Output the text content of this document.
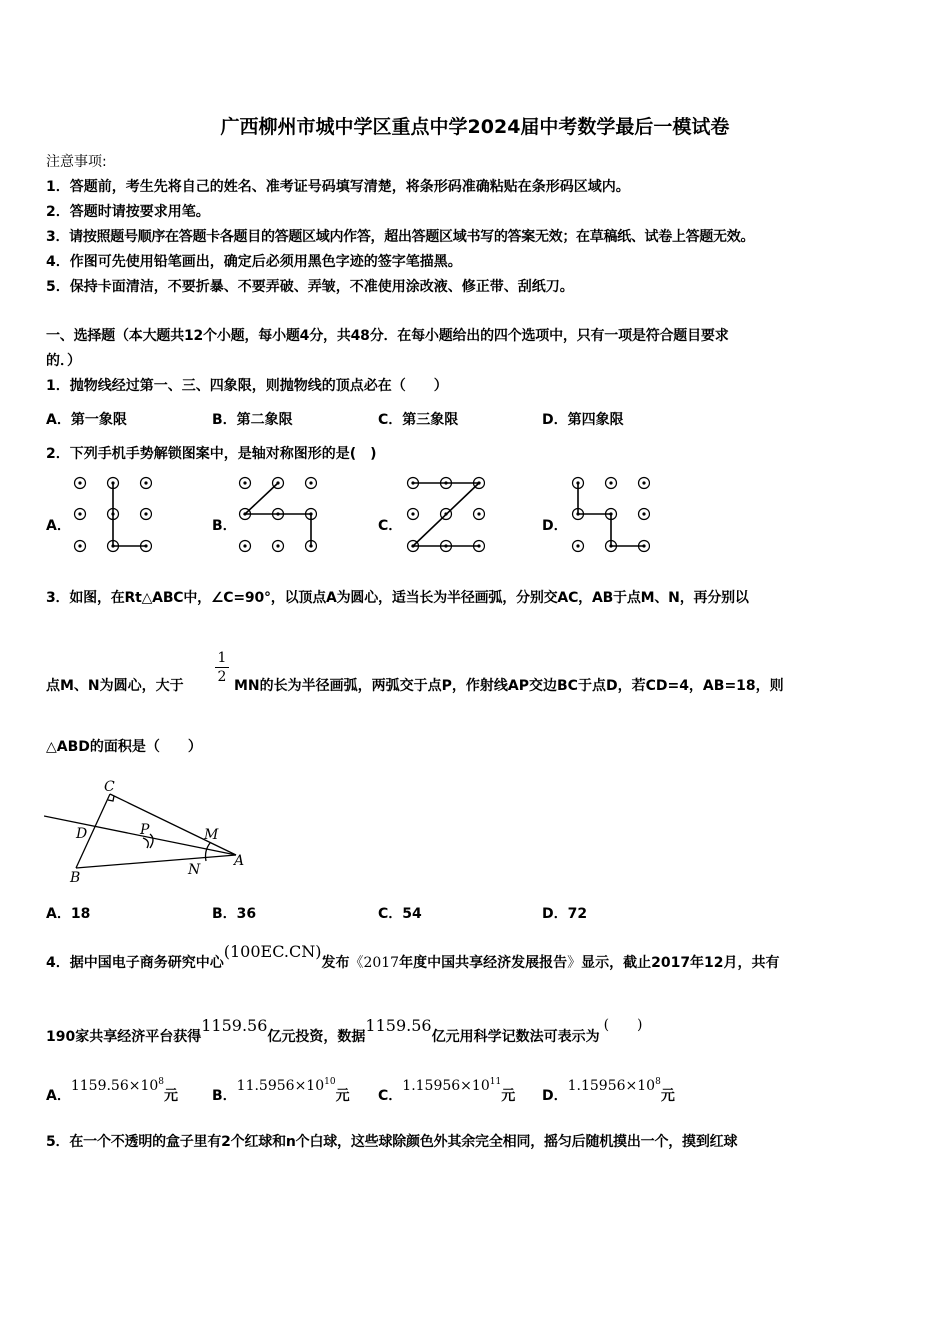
广西柳州市城中学区重点中学2024届中考数学最后一模试卷
注意事项:
1．答题前，考生先将自己的姓名、准考证号码填写清楚，将条形码准确粘贴在条形码区域内。
2．答题时请按要求用笔。
3．请按照题号顺序在答题卡各题目的答题区域内作答，超出答题区域书写的答案无效；在草稿纸、试卷上答题无效。
4．作图可先使用铅笔画出，确定后必须用黑色字迹的签字笔描黑。
5．保持卡面清洁，不要折暴、不要弄破、弄皱，不准使用涂改液、修正带、刮纸刀。
一、选择题（本大题共12个小题，每小题4分，共48分．在每小题给出的四个选项中，只有一项是符合题目要求
的．）
1．抛物线经过第一、三、四象限，则抛物线的顶点必在（　　）
A．第一象限	B．第二象限	C．第三象限	D．第四象限
2．下列手机手势解锁图案中，是轴对称图形的是(　)
A．	B．	C．	D．
3．如图，在Rt△ABC中，∠C=90°，以顶点A为圆心，适当长为半径画弧，分别交AC，AB于点M、N，再分别以
点M、N为圆心，大于
1
2
MN的长为半径画弧，两弧交于点P，作射线AP交边BC于点D，若CD=4，AB=18，则
△ABD的面积是（　　）
C
D	P	M
A
B	N
A．18	B．36	C．54	D．72
4．据中国电子商务研究中心(100EC.CN)发布《2017年度中国共享经济发展报告》显示，截止2017年12月，共有
190家共享经济平台获得1159.56亿元投资，数据1159.56亿元用科学记数法可表示为(　　)
A．$1159.56\times 10^8$元 B．$11.5956\times 10^{10}$元 C．$1.15956\times 10^{11}$元 D．$1.15956\times 10^8$元
5．在一个不透明的盒子里有2个红球和n个白球，这些球除颜色外其余完全相同，摇匀后随机摸出一个，摸到红球
